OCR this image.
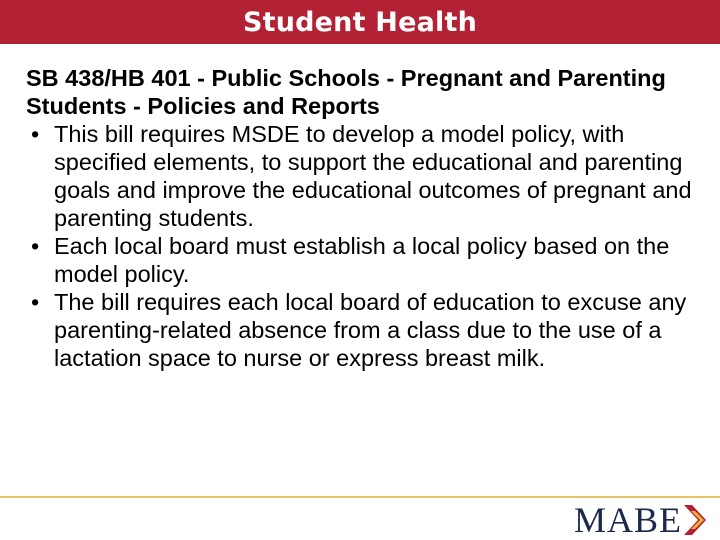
Student Health

SB 438/HB 401 - Public Schools - Pregnant and Parenting Students - Policies and Reports

• This bill requires MSDE to develop a model policy, with specified elements, to support the educational and parenting goals and improve the educational outcomes of pregnant and parenting students.
• Each local board must establish a local policy based on the model policy.
• The bill requires each local board of education to excuse any parenting-related absence from a class due to the use of a lactation space to nurse or express breast milk.
MABE
